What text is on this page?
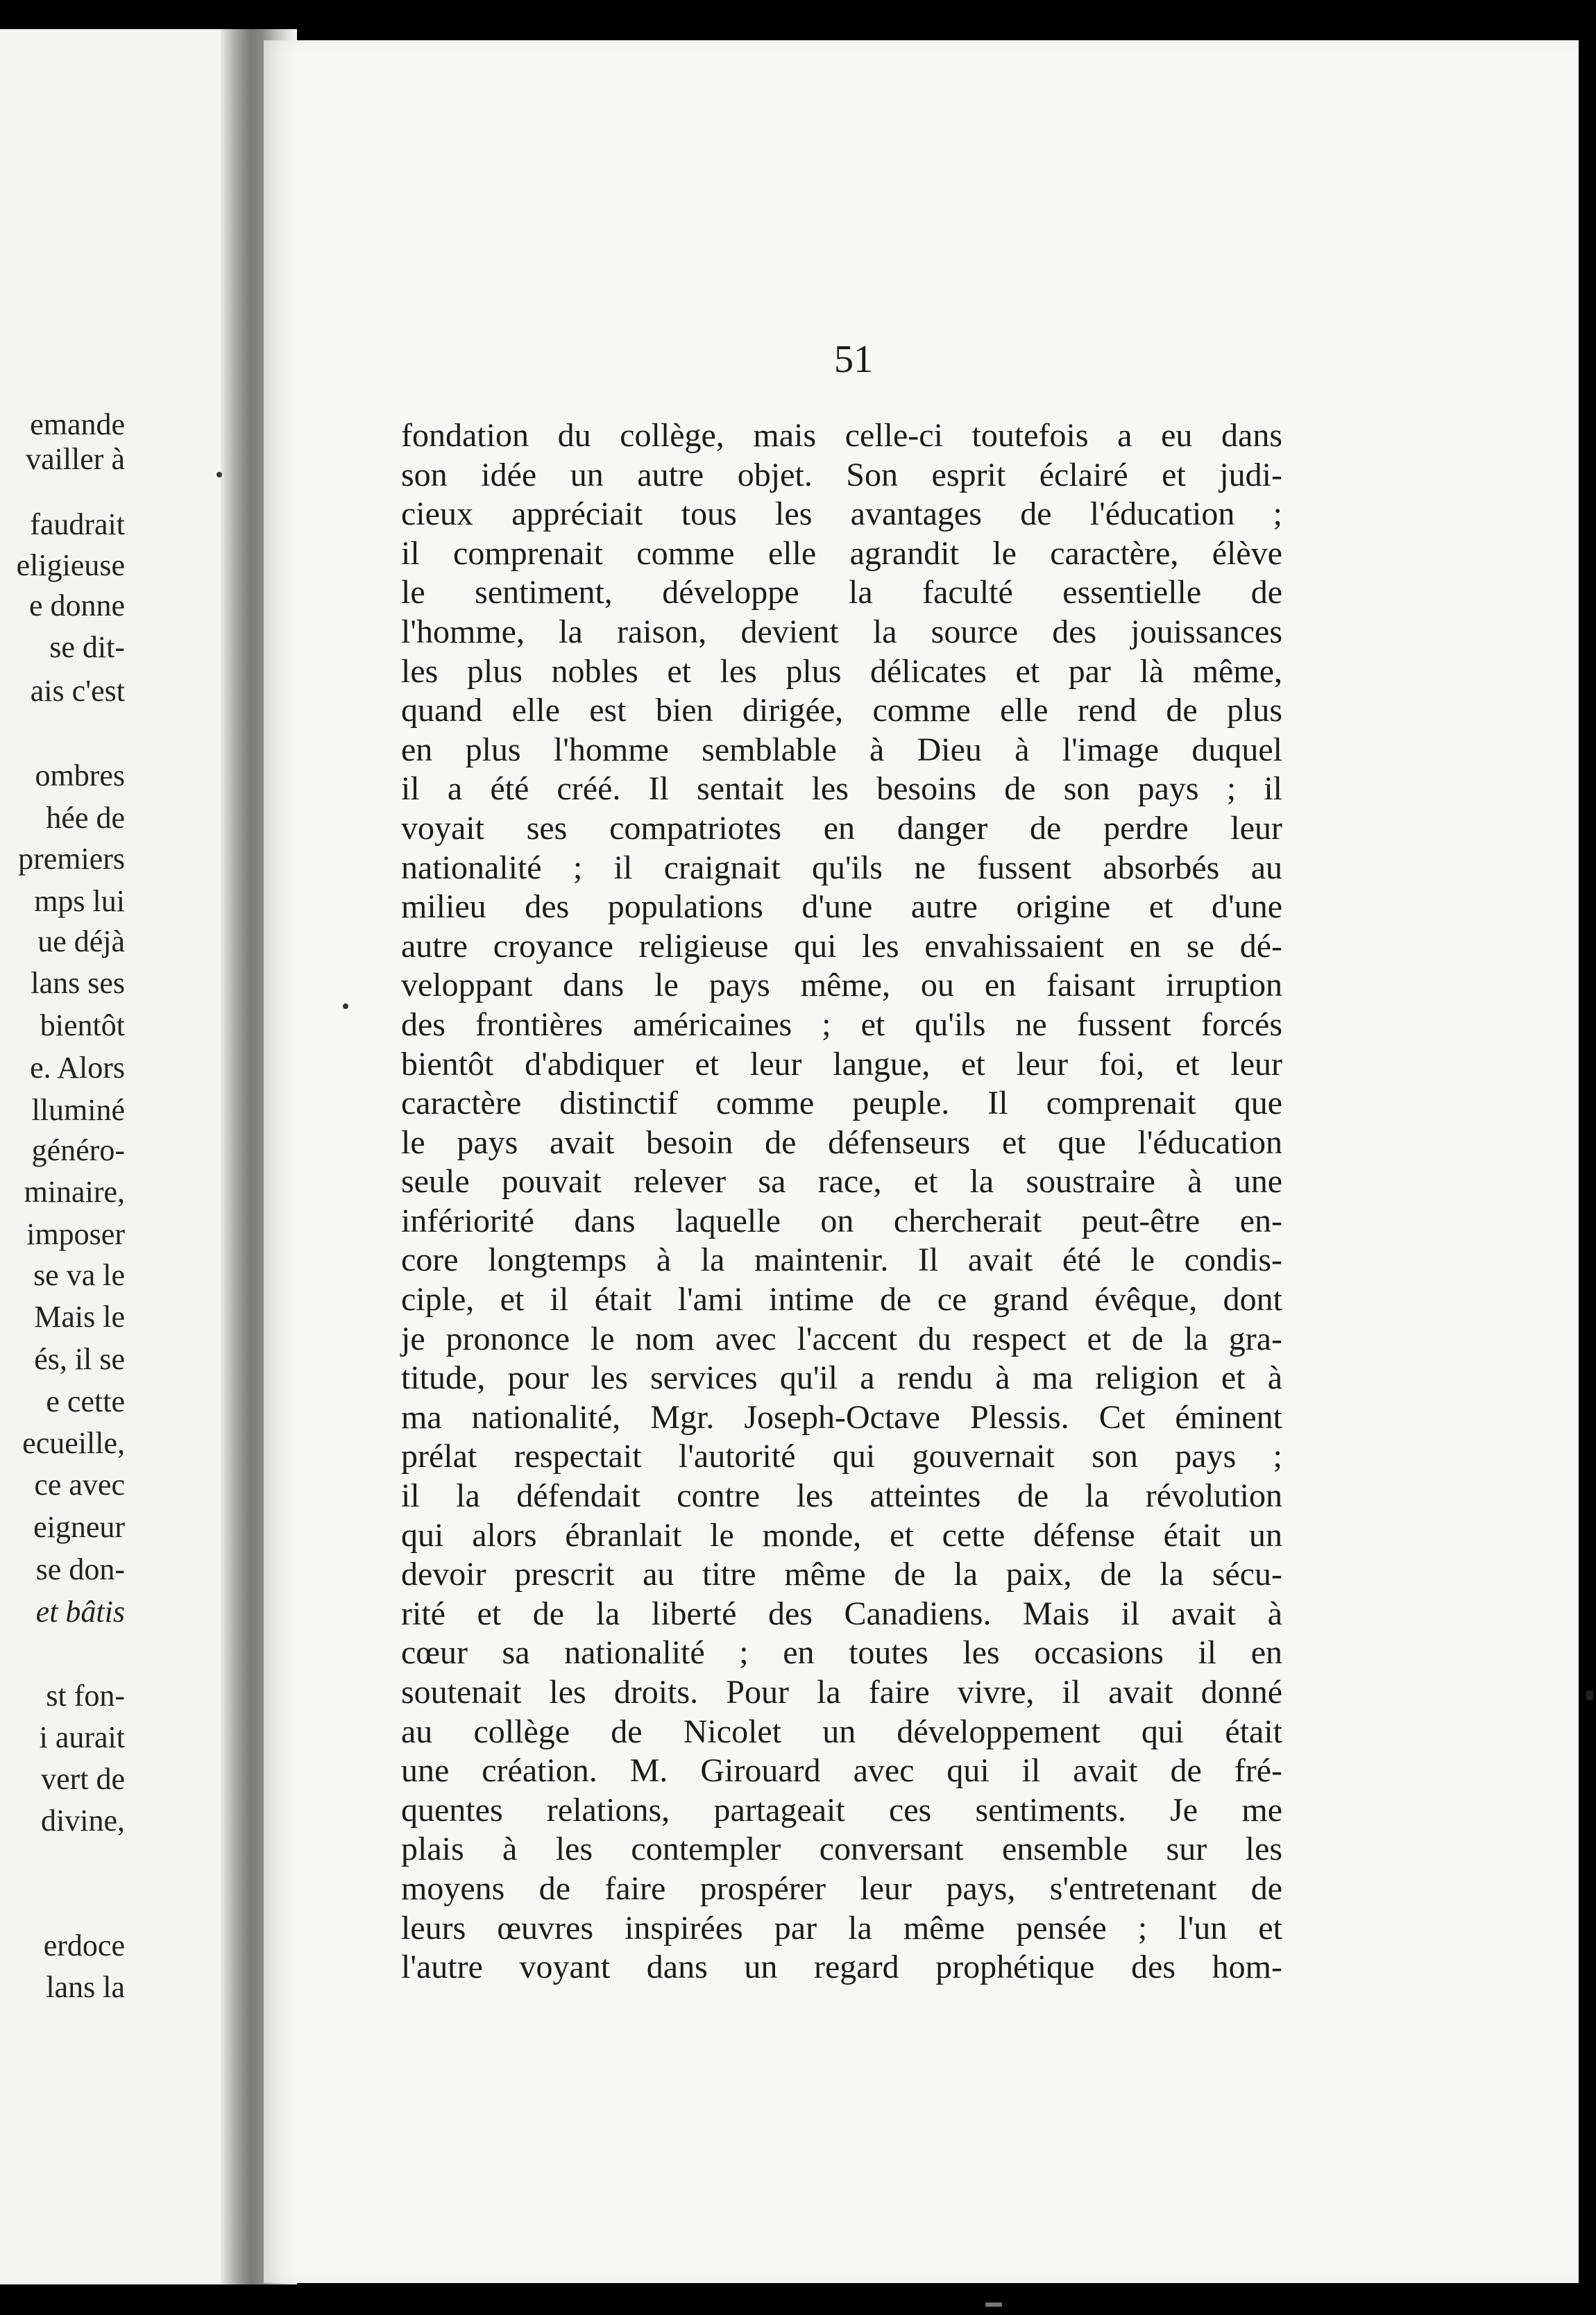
emande
vailler à
faudrait
eligieuse
e donne
se dit-
ais c'est
ombres
hée de
premiers
mps lui
ue déjà
lans ses
bientôt
e. Alors
lluminé
généro-
minaire,
imposer
se va le
Mais le
és, il se
e cette
ecueille,
ce avec
eigneur
se don-
et bâtis
st fon-
i aurait
vert de
divine,
erdoce
lans la
51
fondation du collège, mais celle-ci toutefois a eu dans
son idée un autre objet. Son esprit éclairé et judi-
cieux appréciait tous les avantages de l'éducation ;
il comprenait comme elle agrandit le caractère, élève
le sentiment, développe la faculté essentielle de
l'homme, la raison, devient la source des jouissances
les plus nobles et les plus délicates et par là même,
quand elle est bien dirigée, comme elle rend de plus
en plus l'homme semblable à Dieu à l'image duquel
il a été créé. Il sentait les besoins de son pays ; il
voyait ses compatriotes en danger de perdre leur
nationalité ; il craignait qu'ils ne fussent absorbés au
milieu des populations d'une autre origine et d'une
autre croyance religieuse qui les envahissaient en se dé-
veloppant dans le pays même, ou en faisant irruption
des frontières américaines ; et qu'ils ne fussent forcés
bientôt d'abdiquer et leur langue, et leur foi, et leur
caractère distinctif comme peuple. Il comprenait que
le pays avait besoin de défenseurs et que l'éducation
seule pouvait relever sa race, et la soustraire à une
infériorité dans laquelle on chercherait peut-être en-
core longtemps à la maintenir. Il avait été le condis-
ciple, et il était l'ami intime de ce grand évêque, dont
je prononce le nom avec l'accent du respect et de la gra-
titude, pour les services qu'il a rendu à ma religion et à
ma nationalité, Mgr. Joseph-Octave Plessis. Cet éminent
prélat respectait l'autorité qui gouvernait son pays ;
il la défendait contre les atteintes de la révolution
qui alors ébranlait le monde, et cette défense était un
devoir prescrit au titre même de la paix, de la sécu-
rité et de la liberté des Canadiens. Mais il avait à
cœur sa nationalité ; en toutes les occasions il en
soutenait les droits. Pour la faire vivre, il avait donné
au collège de Nicolet un développement qui était
une création. M. Girouard avec qui il avait de fré-
quentes relations, partageait ces sentiments. Je me
plais à les contempler conversant ensemble sur les
moyens de faire prospérer leur pays, s'entretenant de
leurs œuvres inspirées par la même pensée ; l'un et
l'autre voyant dans un regard prophétique des hom-
